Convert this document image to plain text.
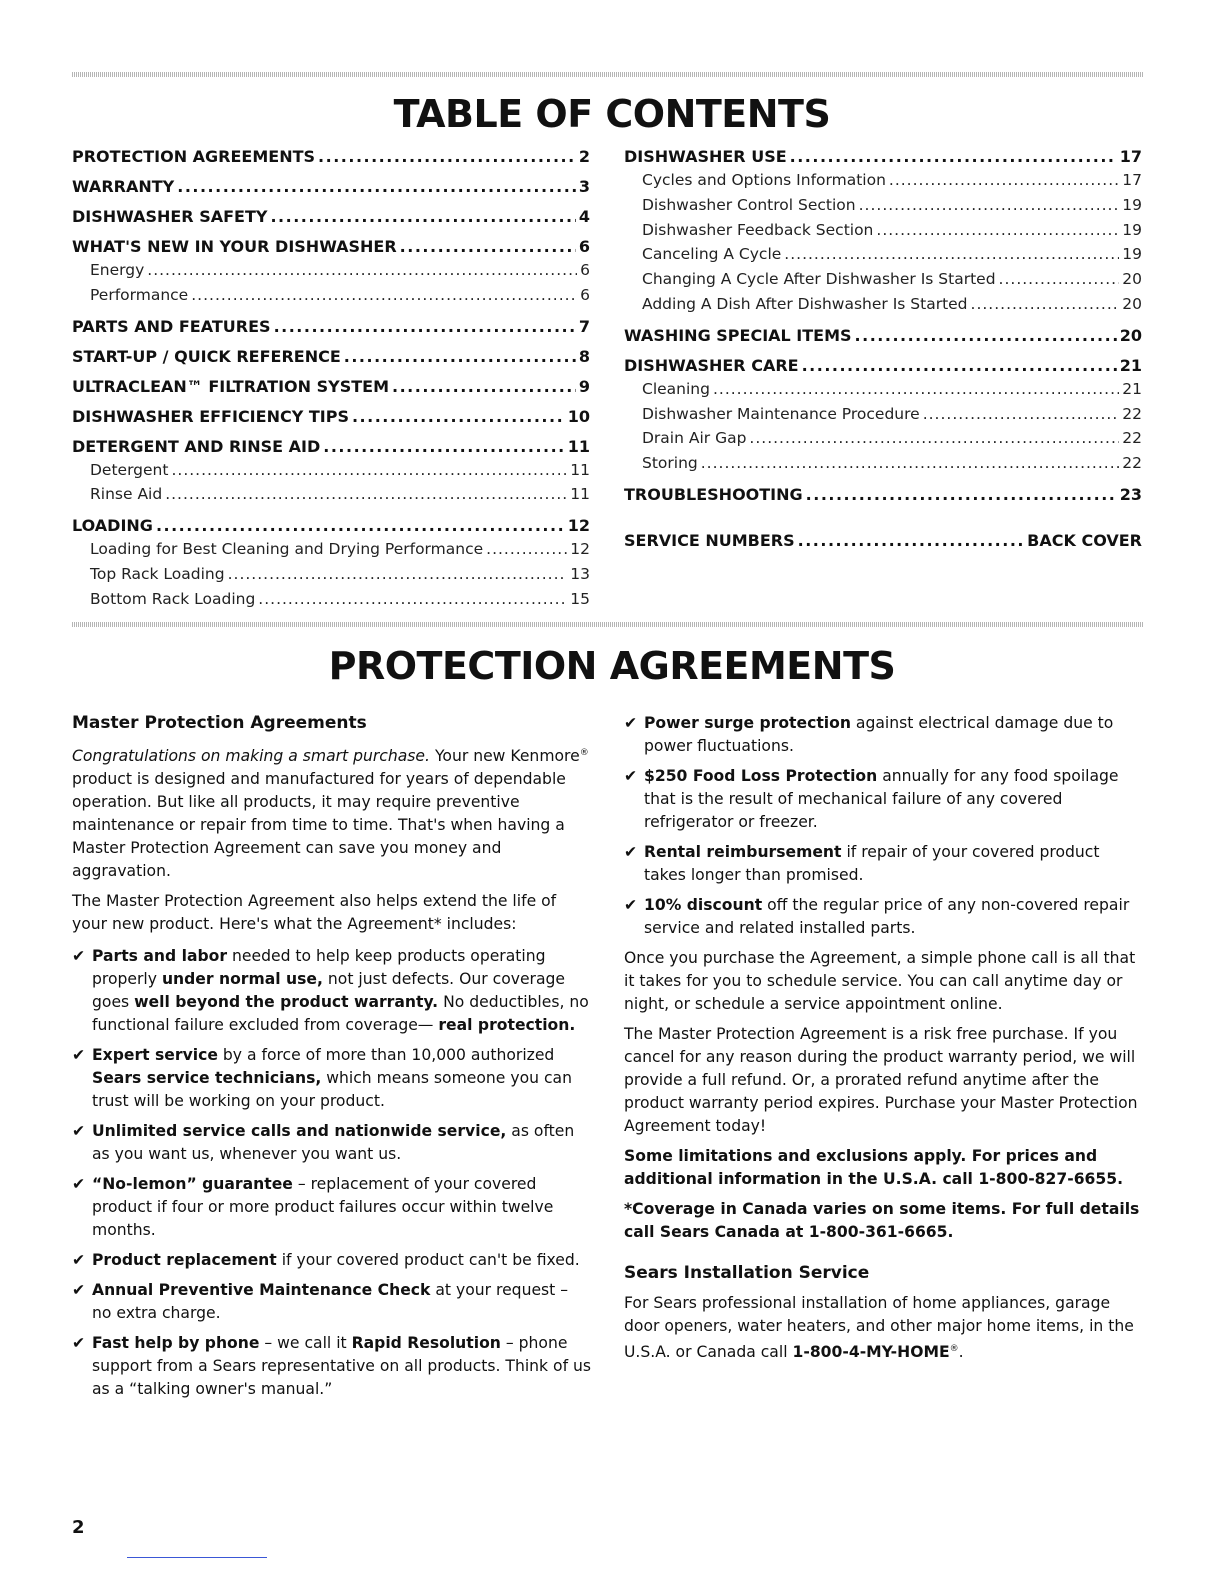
TABLE OF CONTENTS
PROTECTION AGREEMENTS .....	2
WARRANTY .....	3
DISHWASHER SAFETY .....	4
WHAT'S NEW IN YOUR DISHWASHER .....	6
Energy .....	6
Performance .....	6
PARTS AND FEATURES .....	7
START-UP / QUICK REFERENCE .....	8
ULTRACLEAN™ FILTRATION SYSTEM .....	9
DISHWASHER EFFICIENCY TIPS .....	10
DETERGENT AND RINSE AID .....	11
Detergent .....	11
Rinse Aid .....	11
LOADING .....	12
Loading for Best Cleaning and Drying Performance .....	12
Top Rack Loading .....	13
Bottom Rack Loading .....	15
DISHWASHER USE .....	17
Cycles and Options Information .....	17
Dishwasher Control Section .....	19
Dishwasher Feedback Section .....	19
Canceling A Cycle .....	19
Changing A Cycle After Dishwasher Is Started .....	20
Adding A Dish After Dishwasher Is Started .....	20
WASHING SPECIAL ITEMS .....	20
DISHWASHER CARE .....	21
Cleaning .....	21
Dishwasher Maintenance Procedure .....	22
Drain Air Gap .....	22
Storing .....	22
TROUBLESHOOTING .....	23
SERVICE NUMBERS .....	BACK COVER
PROTECTION AGREEMENTS

Master Protection Agreements

Congratulations on making a smart purchase. Your new Kenmore® product is designed and manufactured for years of dependable operation. But like all products, it may require preventive maintenance or repair from time to time. That's when having a Master Protection Agreement can save you money and aggravation.

The Master Protection Agreement also helps extend the life of your new product. Here's what the Agreement* includes:

✔ Parts and labor needed to help keep products operating properly under normal use, not just defects. Our coverage goes well beyond the product warranty. No deductibles, no functional failure excluded from coverage— real protection.

✔ Expert service by a force of more than 10,000 authorized Sears service technicians, which means someone you can trust will be working on your product.

✔ Unlimited service calls and nationwide service, as often as you want us, whenever you want us.

✔ “No-lemon” guarantee – replacement of your covered product if four or more product failures occur within twelve months.

✔ Product replacement if your covered product can't be fixed.

✔ Annual Preventive Maintenance Check at your request – no extra charge.

✔ Fast help by phone – we call it Rapid Resolution – phone support from a Sears representative on all products. Think of us as a “talking owner's manual.”

✔ Power surge protection against electrical damage due to power fluctuations.

✔ $250 Food Loss Protection annually for any food spoilage that is the result of mechanical failure of any covered refrigerator or freezer.

✔ Rental reimbursement if repair of your covered product takes longer than promised.

✔ 10% discount off the regular price of any non-covered repair service and related installed parts.

Once you purchase the Agreement, a simple phone call is all that it takes for you to schedule service. You can call anytime day or night, or schedule a service appointment online.

The Master Protection Agreement is a risk free purchase. If you cancel for any reason during the product warranty period, we will provide a full refund. Or, a prorated refund anytime after the product warranty period expires. Purchase your Master Protection Agreement today!

Some limitations and exclusions apply. For prices and additional information in the U.S.A. call 1-800-827-6655.

*Coverage in Canada varies on some items. For full details call Sears Canada at 1-800-361-6665.

Sears Installation Service

For Sears professional installation of home appliances, garage door openers, water heaters, and other major home items, in the U.S.A. or Canada call 1-800-4-MY-HOME®.

2
